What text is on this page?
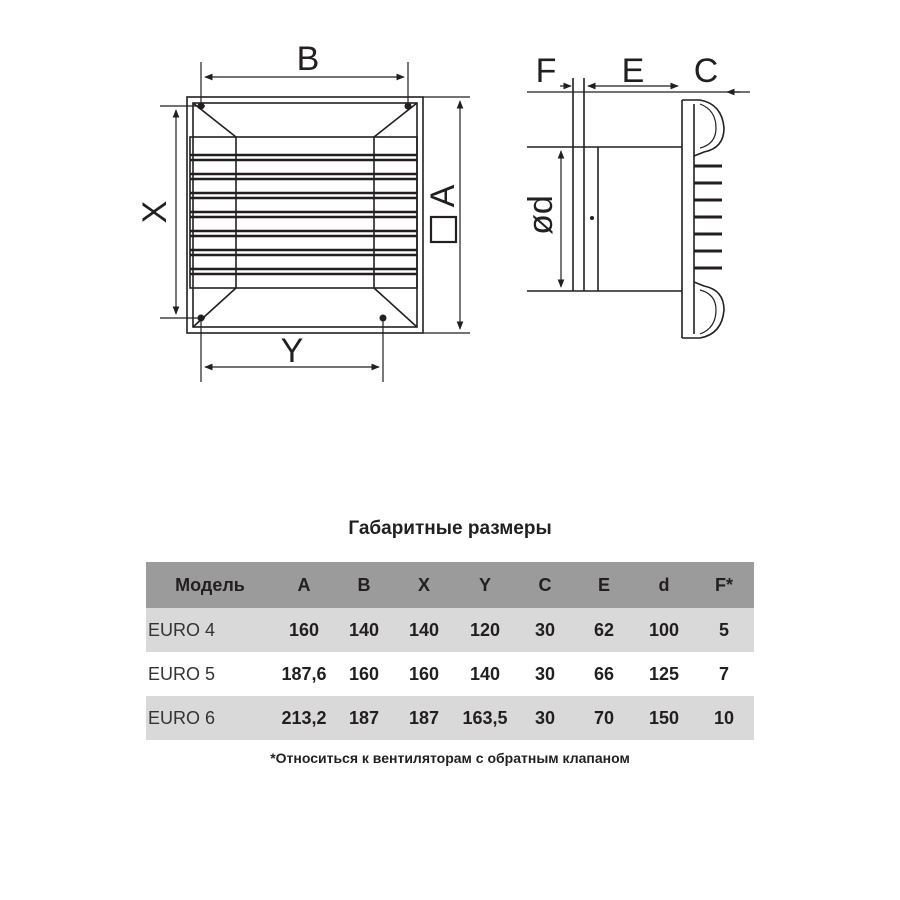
B
X
Y
A
F E C
ød
Габаритные размеры
Модель	A	B	X	Y	C	E	d	F*
EURO 4	160	140	140	120	30	62	100	5
EURO 5	187,6	160	160	140	30	66	125	7
EURO 6	213,2	187	187	163,5	30	70	150	10
*Относиться к вентиляторам с обратным клапаном
